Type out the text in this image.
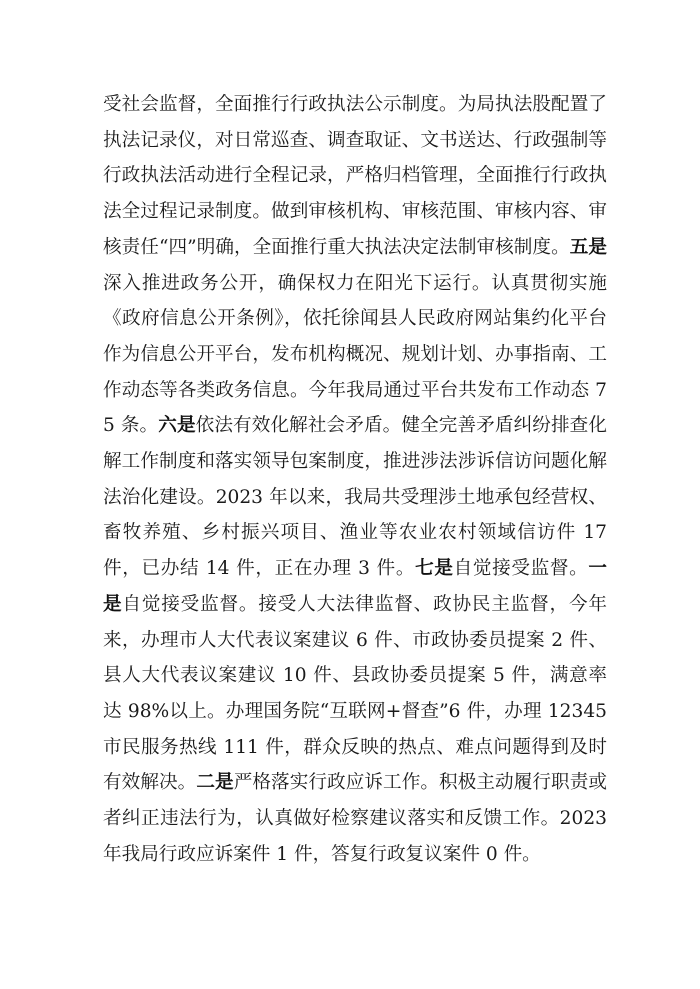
受社会监督，全面推行行政执法公示制度。为局执法股配置了执法记录仪，对日常巡查、调查取证、文书送达、行政强制等行政执法活动进行全程记录，严格归档管理，全面推行行政执法全过程记录制度。做到审核机构、审核范围、审核内容、审核责任“四”明确，全面推行重大执法决定法制审核制度。五是深入推进政务公开，确保权力在阳光下运行。认真贯彻实施《政府信息公开条例》，依托徐闻县人民政府网站集约化平台作为信息公开平台，发布机构概况、规划计划、办事指南、工作动态等各类政务信息。今年我局通过平台共发布工作动态 75 条。六是依法有效化解社会矛盾。健全完善矛盾纠纷排查化解工作制度和落实领导包案制度，推进涉法涉诉信访问题化解法治化建设。2023 年以来，我局共受理涉土地承包经营权、畜牧养殖、乡村振兴项目、渔业等农业农村领域信访件 17 件，已办结 14 件，正在办理 3 件。七是自觉接受监督。一是自觉接受监督。接受人大法律监督、政协民主监督，今年来，办理市人大代表议案建议 6 件、市政协委员提案 2 件、县人大代表议案建议 10 件、县政协委员提案 5 件，满意率达 98%以上。办理国务院“互联网+督查”6 件，办理 12345 市民服务热线 111 件，群众反映的热点、难点问题得到及时有效解决。二是严格落实行政应诉工作。积极主动履行职责或者纠正违法行为，认真做好检察建议落实和反馈工作。2023 年我局行政应诉案件 1 件，答复行政复议案件 0 件。
